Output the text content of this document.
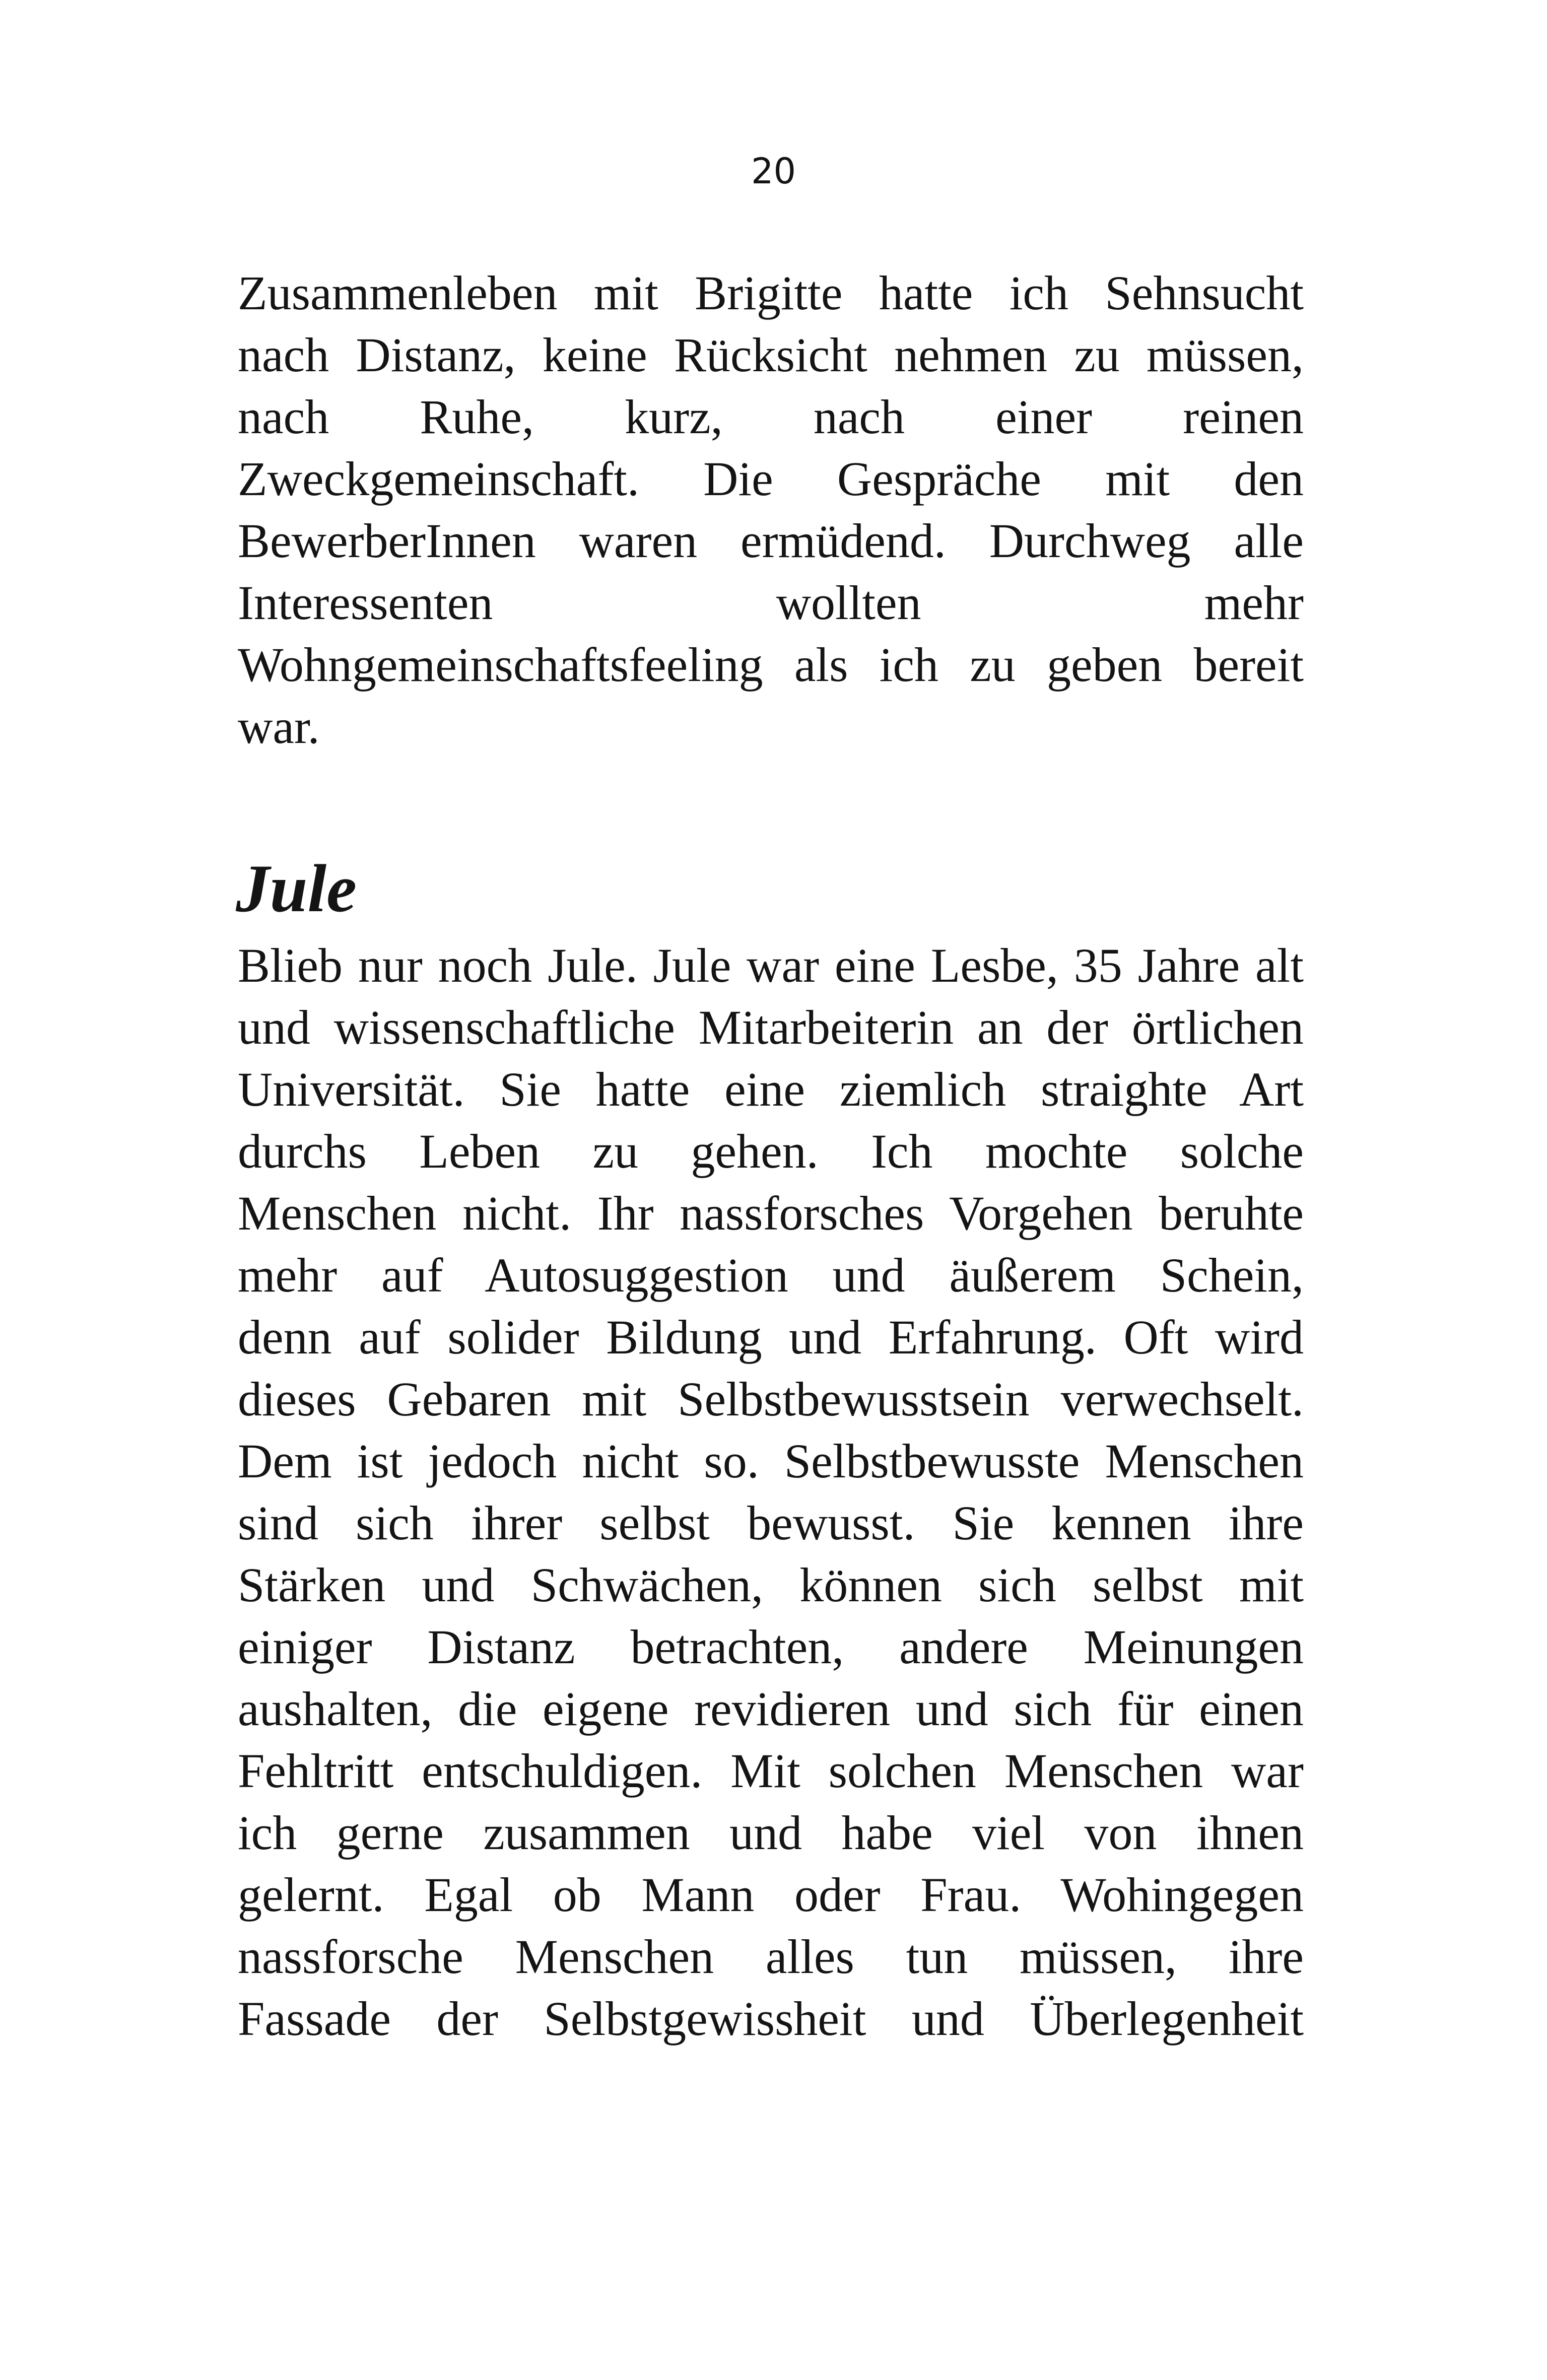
20
Zusammenleben mit Brigitte hatte ich Sehnsucht
nach Distanz, keine Rücksicht nehmen zu müssen,
nach Ruhe, kurz, nach einer reinen
Zweckgemeinschaft. Die Gespräche mit den
BewerberInnen waren ermüdend. Durchweg alle
Interessenten wollten mehr
Wohngemeinschaftsfeeling als ich zu geben bereit
war.
Jule
Blieb nur noch Jule. Jule war eine Lesbe, 35 Jahre alt
und wissenschaftliche Mitarbeiterin an der örtlichen
Universität. Sie hatte eine ziemlich straighte Art
durchs Leben zu gehen. Ich mochte solche
Menschen nicht. Ihr nassforsches Vorgehen beruhte
mehr auf Autosuggestion und äußerem Schein,
denn auf solider Bildung und Erfahrung. Oft wird
dieses Gebaren mit Selbstbewusstsein verwechselt.
Dem ist jedoch nicht so. Selbstbewusste Menschen
sind sich ihrer selbst bewusst. Sie kennen ihre
Stärken und Schwächen, können sich selbst mit
einiger Distanz betrachten, andere Meinungen
aushalten, die eigene revidieren und sich für einen
Fehltritt entschuldigen. Mit solchen Menschen war
ich gerne zusammen und habe viel von ihnen
gelernt. Egal ob Mann oder Frau. Wohingegen
nassforsche Menschen alles tun müssen, ihre
Fassade der Selbstgewissheit und Überlegenheit
